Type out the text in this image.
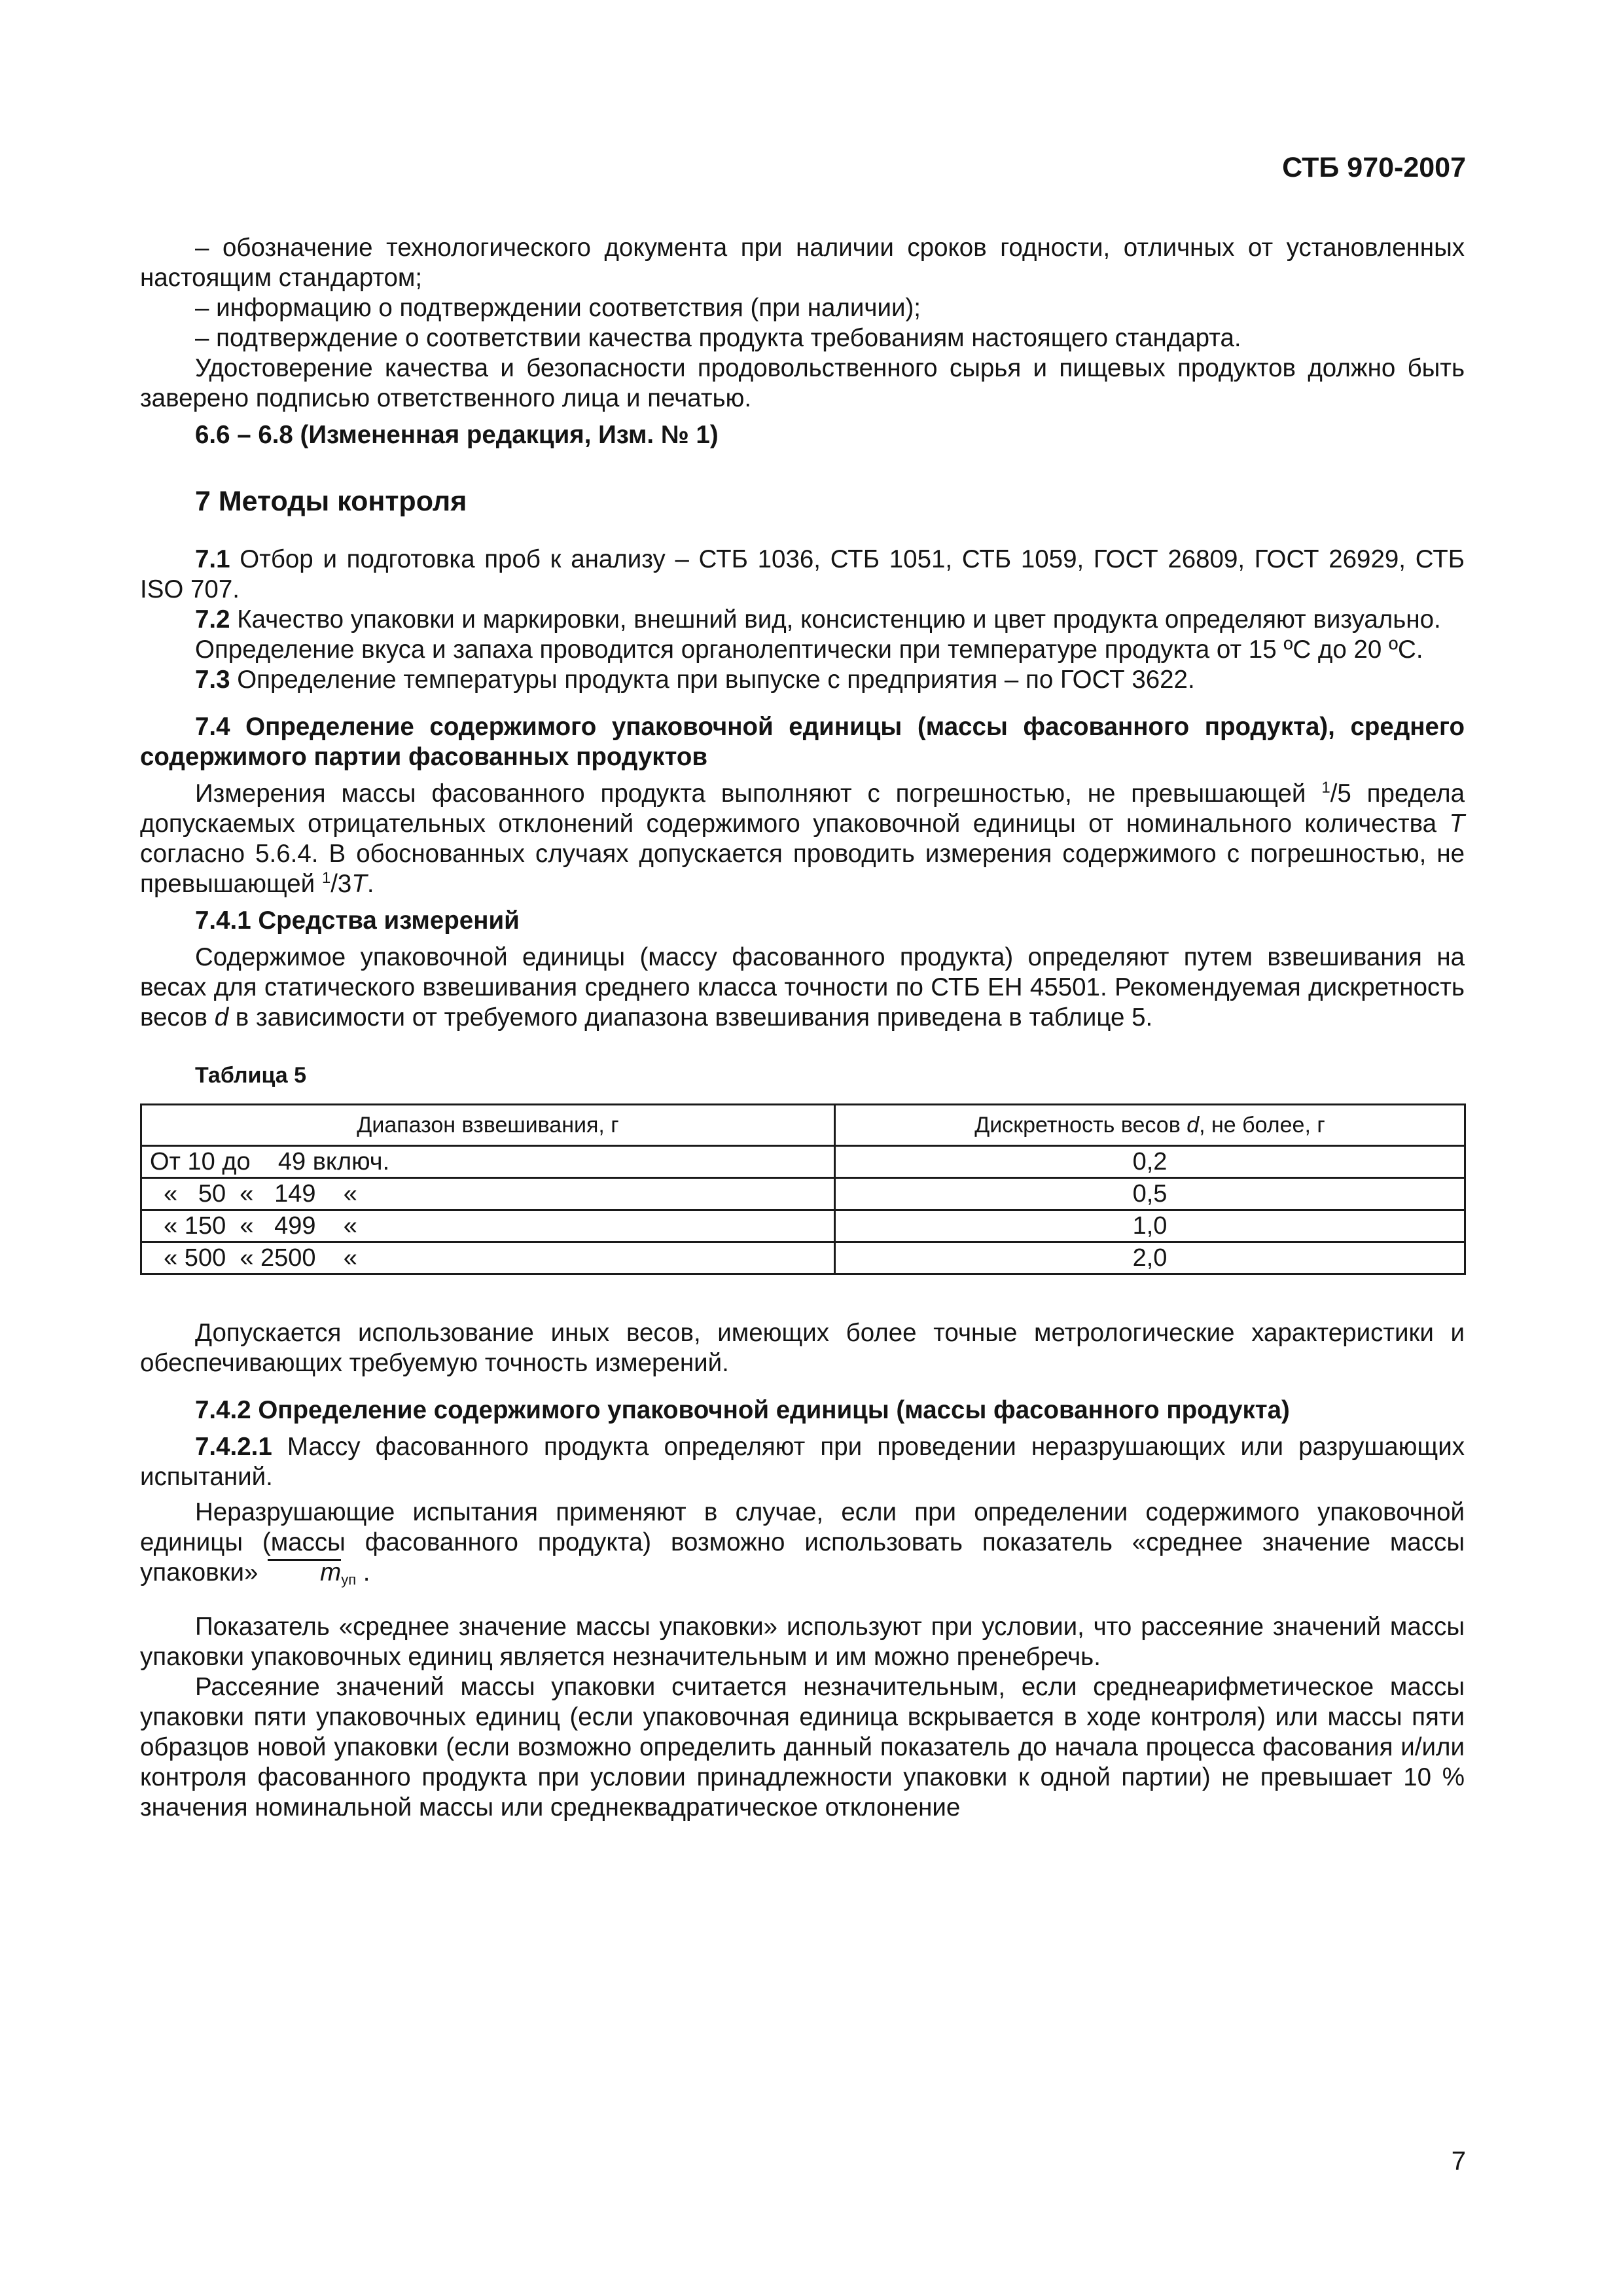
СТБ 970-2007

– обозначение технологического документа при наличии сроков годности, отличных от установленных настоящим стандартом;

– информацию о подтверждении соответствия (при наличии);

– подтверждение о соответствии качества продукта требованиям настоящего стандарта.

Удостоверение качества и безопасности продовольственного сырья и пищевых продуктов должно быть заверено подписью ответственного лица и печатью.

6.6 – 6.8 (Измененная редакция, Изм. № 1)

7 Методы контроля

7.1 Отбор и подготовка проб к анализу – СТБ 1036, СТБ 1051, СТБ 1059, ГОСТ 26809, ГОСТ 26929, СТБ ISO 707.

7.2 Качество упаковки и маркировки, внешний вид, консистенцию и цвет продукта определяют визуально.

Определение вкуса и запаха проводится органолептически при температуре продукта от 15 ºC до 20 ºC.

7.3 Определение температуры продукта при выпуске с предприятия – по ГОСТ 3622.

7.4 Определение содержимого упаковочной единицы (массы фасованного продукта), среднего содержимого партии фасованных продуктов

Измерения массы фасованного продукта выполняют с погрешностью, не превышающей $^1$/5 предела допускаемых отрицательных отклонений содержимого упаковочной единицы от номинального количества T согласно 5.6.4. В обоснованных случаях допускается проводить измерения содержимого с погрешностью, не превышающей $^1$/3T.

7.4.1 Средства измерений

Содержимое упаковочной единицы (массу фасованного продукта) определяют путем взвешивания на весах для статического взвешивания среднего класса точности по СТБ ЕН 45501. Рекомендуемая дискретность весов d в зависимости от требуемого диапазона взвешивания приведена в таблице 5.

Таблица 5
Диапазон взвешивания, г	Дискретность весов d, не более, г
От 10 до    49 включ.	0,2
«   50  «   149    «	0,5
« 150  «   499    «	1,0
« 500  « 2500    «	2,0

Допускается использование иных весов, имеющих более точные метрологические характеристики и обеспечивающих требуемую точность измерений.

7.4.2 Определение содержимого упаковочной единицы (массы фасованного продукта)

7.4.2.1 Массу фасованного продукта определяют при проведении неразрушающих или разрушающих испытаний.

Неразрушающие испытания применяют в случае, если при определении содержимого упаковочной единицы (массы фасованного продукта) возможно использовать показатель «среднее значение массы упаковки» mуп .

Показатель «среднее значение массы упаковки» используют при условии, что рассеяние значений массы упаковки упаковочных единиц является незначительным и им можно пренебречь.

Рассеяние значений массы упаковки считается незначительным, если среднеарифметическое массы упаковки пяти упаковочных единиц (если упаковочная единица вскрывается в ходе контроля) или массы пяти образцов новой упаковки (если возможно определить данный показатель до начала процесса фасования и/или контроля фасованного продукта при условии принадлежности упаковки к одной партии) не превышает 10 % значения номинальной массы или среднеквадратическое отклонение

7
